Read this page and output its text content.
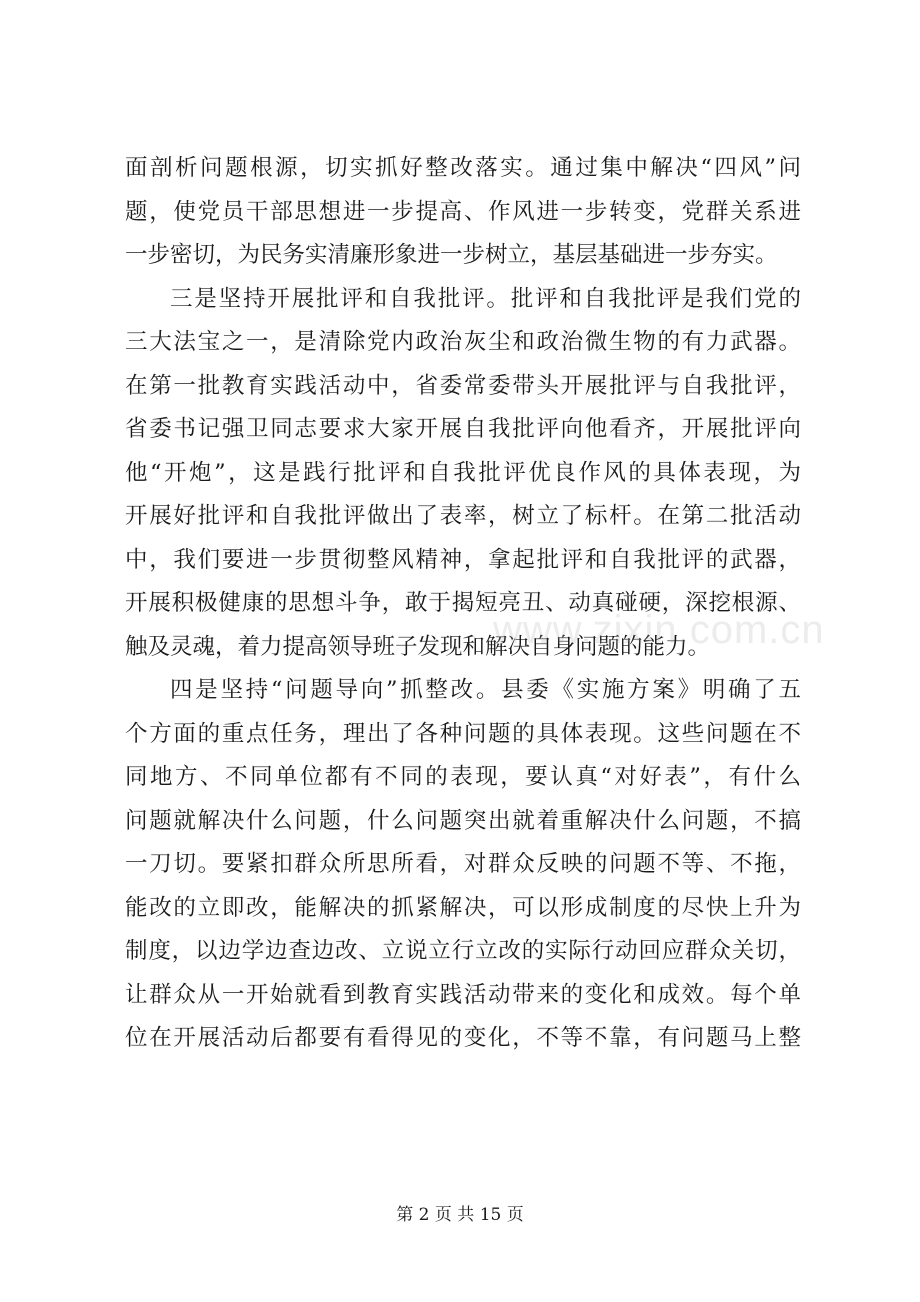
面剖析问题根源，切实抓好整改落实。通过集中解决“四风”问
题，使党员干部思想进一步提高、作风进一步转变，党群关系进
一步密切，为民务实清廉形象进一步树立，基层基础进一步夯实。
三是坚持开展批评和自我批评。批评和自我批评是我们党的
三大法宝之一，是清除党内政治灰尘和政治微生物的有力武器。
在第一批教育实践活动中，省委常委带头开展批评与自我批评，
省委书记强卫同志要求大家开展自我批评向他看齐，开展批评向
他“开炮”，这是践行批评和自我批评优良作风的具体表现，为
开展好批评和自我批评做出了表率，树立了标杆。在第二批活动
中，我们要进一步贯彻整风精神，拿起批评和自我批评的武器，
开展积极健康的思想斗争，敢于揭短亮丑、动真碰硬，深挖根源、
触及灵魂，着力提高领导班子发现和解决自身问题的能力。
四是坚持“问题导向”抓整改。县委《实施方案》明确了五
个方面的重点任务，理出了各种问题的具体表现。这些问题在不
同地方、不同单位都有不同的表现，要认真“对好表”，有什么
问题就解决什么问题，什么问题突出就着重解决什么问题，不搞
一刀切。要紧扣群众所思所看，对群众反映的问题不等、不拖，
能改的立即改，能解决的抓紧解决，可以形成制度的尽快上升为
制度，以边学边查边改、立说立行立改的实际行动回应群众关切，
让群众从一开始就看到教育实践活动带来的变化和成效。每个单
位在开展活动后都要有看得见的变化，不等不靠，有问题马上整
www.zixin.com.cn
第 2 页 共 15 页
